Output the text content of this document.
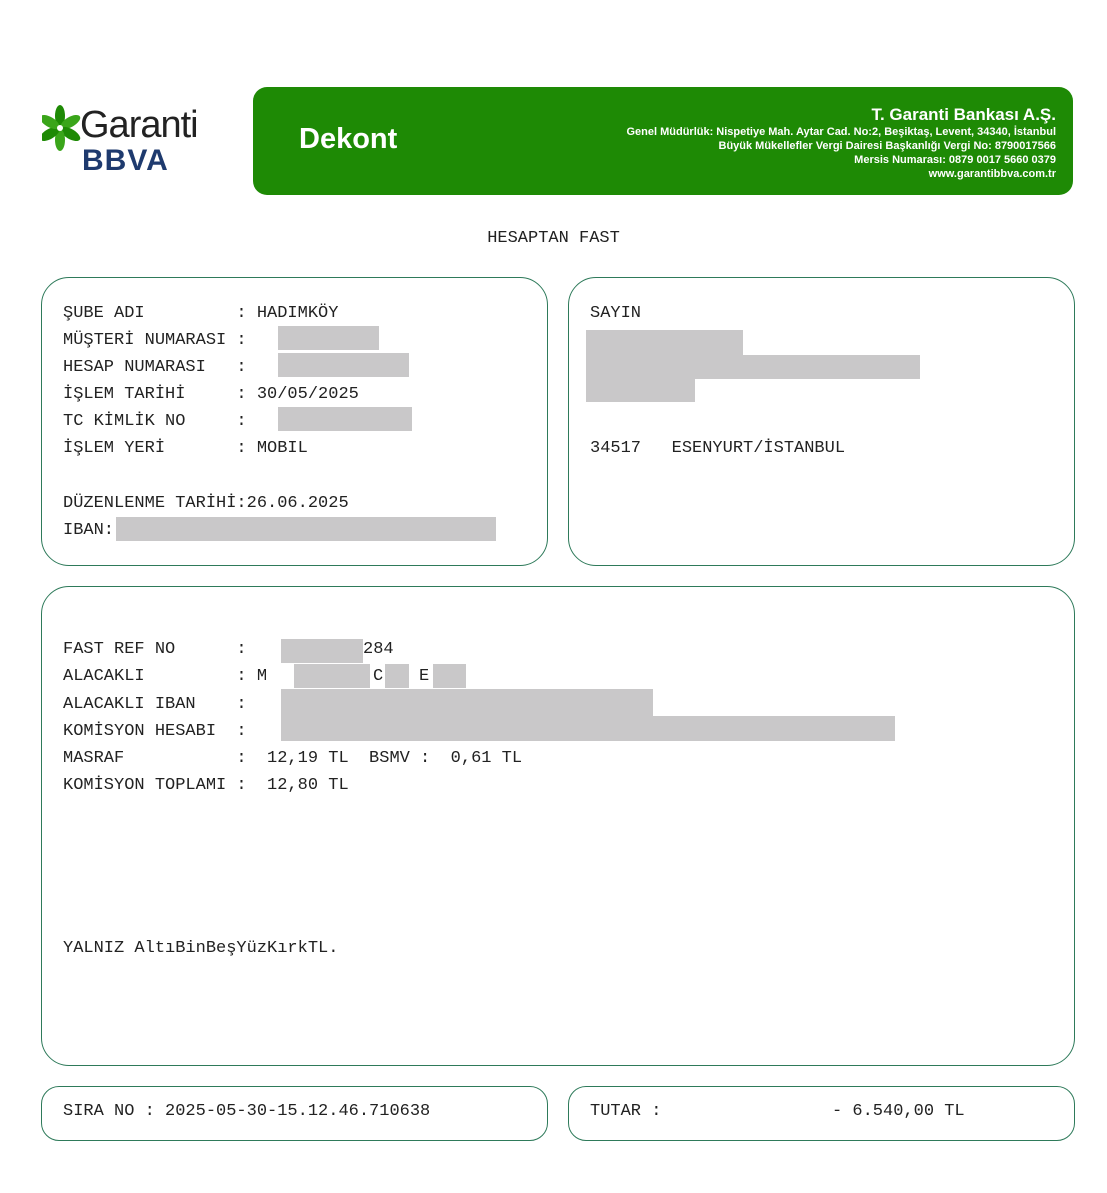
Garanti
BBVA
Dekont
T. Garanti Bankası A.Ş.
Genel Müdürlük: Nispetiye Mah. Aytar Cad. No:2, Beşiktaş, Levent, 34340, İstanbul
Büyük Mükellefler Vergi Dairesi Başkanlığı Vergi No: 8790017566
Mersis Numarası: 0879 0017 5660 0379
www.garantibbva.com.tr
HESAPTAN FAST
ŞUBE ADI         : HADIMKÖY
MÜŞTERİ NUMARASI :
HESAP NUMARASI   :
İŞLEM TARİHİ     : 30/05/2025
TC KİMLİK NO     :
İŞLEM YERİ       : MOBIL
DÜZENLENME TARİHİ:26.06.2025
IBAN:
SAYIN
34517   ESENYURT/İSTANBUL
FAST REF NO      :	284
ALACAKLI         : M	C E
ALACAKLI IBAN    :
KOMİSYON HESABI  :
MASRAF           :  12,19 TL  BSMV :  0,61 TL
KOMİSYON TOPLAMI :  12,80 TL
YALNIZ AltıBinBeşYüzKırkTL.
SIRA NO : 2025-05-30-15.12.46.710638	TUTAR :	- 6.540,00 TL
